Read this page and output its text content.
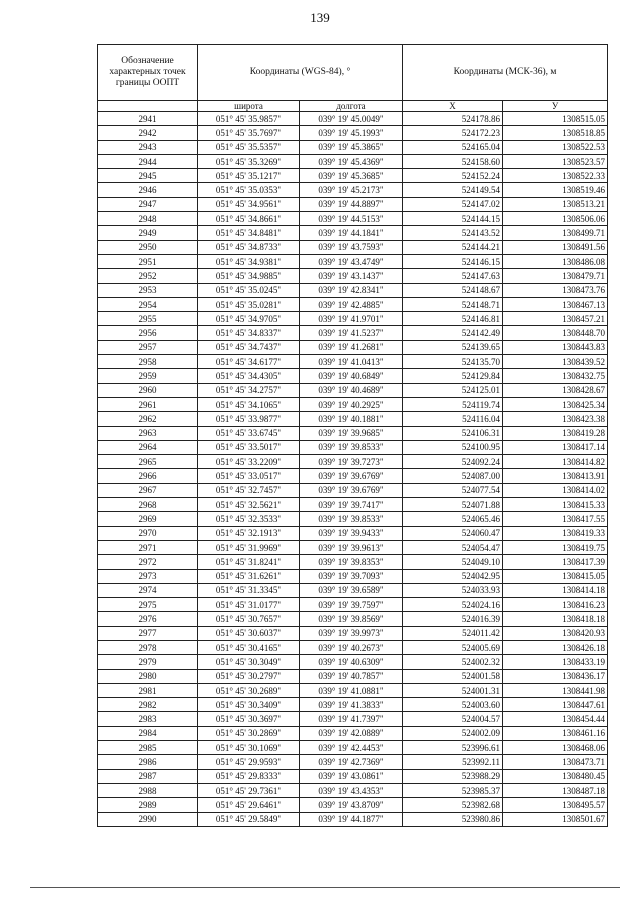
139
Обозначение характерных точек границы ООПТ	Координаты (WGS-84), °		Координаты (МСК-36), м	
	широта	долгота	X	У
2941	051° 45' 35.9857"	039° 19' 45.0049"	524178.86	1308515.05
2942	051° 45' 35.7697"	039° 19' 45.1993"	524172.23	1308518.85
2943	051° 45' 35.5357"	039° 19' 45.3865"	524165.04	1308522.53
2944	051° 45' 35.3269"	039° 19' 45.4369"	524158.60	1308523.57
2945	051° 45' 35.1217"	039° 19' 45.3685"	524152.24	1308522.33
2946	051° 45' 35.0353"	039° 19' 45.2173"	524149.54	1308519.46
2947	051° 45' 34.9561"	039° 19' 44.8897"	524147.02	1308513.21
2948	051° 45' 34.8661"	039° 19' 44.5153"	524144.15	1308506.06
2949	051° 45' 34.8481"	039° 19' 44.1841"	524143.52	1308499.71
2950	051° 45' 34.8733"	039° 19' 43.7593"	524144.21	1308491.56
2951	051° 45' 34.9381"	039° 19' 43.4749"	524146.15	1308486.08
2952	051° 45' 34.9885"	039° 19' 43.1437"	524147.63	1308479.71
2953	051° 45' 35.0245"	039° 19' 42.8341"	524148.67	1308473.76
2954	051° 45' 35.0281"	039° 19' 42.4885"	524148.71	1308467.13
2955	051° 45' 34.9705"	039° 19' 41.9701"	524146.81	1308457.21
2956	051° 45' 34.8337"	039° 19' 41.5237"	524142.49	1308448.70
2957	051° 45' 34.7437"	039° 19' 41.2681"	524139.65	1308443.83
2958	051° 45' 34.6177"	039° 19' 41.0413"	524135.70	1308439.52
2959	051° 45' 34.4305"	039° 19' 40.6849"	524129.84	1308432.75
2960	051° 45' 34.2757"	039° 19' 40.4689"	524125.01	1308428.67
2961	051° 45' 34.1065"	039° 19' 40.2925"	524119.74	1308425.34
2962	051° 45' 33.9877"	039° 19' 40.1881"	524116.04	1308423.38
2963	051° 45' 33.6745"	039° 19' 39.9685"	524106.31	1308419.28
2964	051° 45' 33.5017"	039° 19' 39.8533"	524100.95	1308417.14
2965	051° 45' 33.2209"	039° 19' 39.7273"	524092.24	1308414.82
2966	051° 45' 33.0517"	039° 19' 39.6769"	524087.00	1308413.91
2967	051° 45' 32.7457"	039° 19' 39.6769"	524077.54	1308414.02
2968	051° 45' 32.5621"	039° 19' 39.7417"	524071.88	1308415.33
2969	051° 45' 32.3533"	039° 19' 39.8533"	524065.46	1308417.55
2970	051° 45' 32.1913"	039° 19' 39.9433"	524060.47	1308419.33
2971	051° 45' 31.9969"	039° 19' 39.9613"	524054.47	1308419.75
2972	051° 45' 31.8241"	039° 19' 39.8353"	524049.10	1308417.39
2973	051° 45' 31.6261"	039° 19' 39.7093"	524042.95	1308415.05
2974	051° 45' 31.3345"	039° 19' 39.6589"	524033.93	1308414.18
2975	051° 45' 31.0177"	039° 19' 39.7597"	524024.16	1308416.23
2976	051° 45' 30.7657"	039° 19' 39.8569"	524016.39	1308418.18
2977	051° 45' 30.6037"	039° 19' 39.9973"	524011.42	1308420.93
2978	051° 45' 30.4165"	039° 19' 40.2673"	524005.69	1308426.18
2979	051° 45' 30.3049"	039° 19' 40.6309"	524002.32	1308433.19
2980	051° 45' 30.2797"	039° 19' 40.7857"	524001.58	1308436.17
2981	051° 45' 30.2689"	039° 19' 41.0881"	524001.31	1308441.98
2982	051° 45' 30.3409"	039° 19' 41.3833"	524003.60	1308447.61
2983	051° 45' 30.3697"	039° 19' 41.7397"	524004.57	1308454.44
2984	051° 45' 30.2869"	039° 19' 42.0889"	524002.09	1308461.16
2985	051° 45' 30.1069"	039° 19' 42.4453"	523996.61	1308468.06
2986	051° 45' 29.9593"	039° 19' 42.7369"	523992.11	1308473.71
2987	051° 45' 29.8333"	039° 19' 43.0861"	523988.29	1308480.45
2988	051° 45' 29.7361"	039° 19' 43.4353"	523985.37	1308487.18
2989	051° 45' 29.6461"	039° 19' 43.8709"	523982.68	1308495.57
2990	051° 45' 29.5849"	039° 19' 44.1877"	523980.86	1308501.67
